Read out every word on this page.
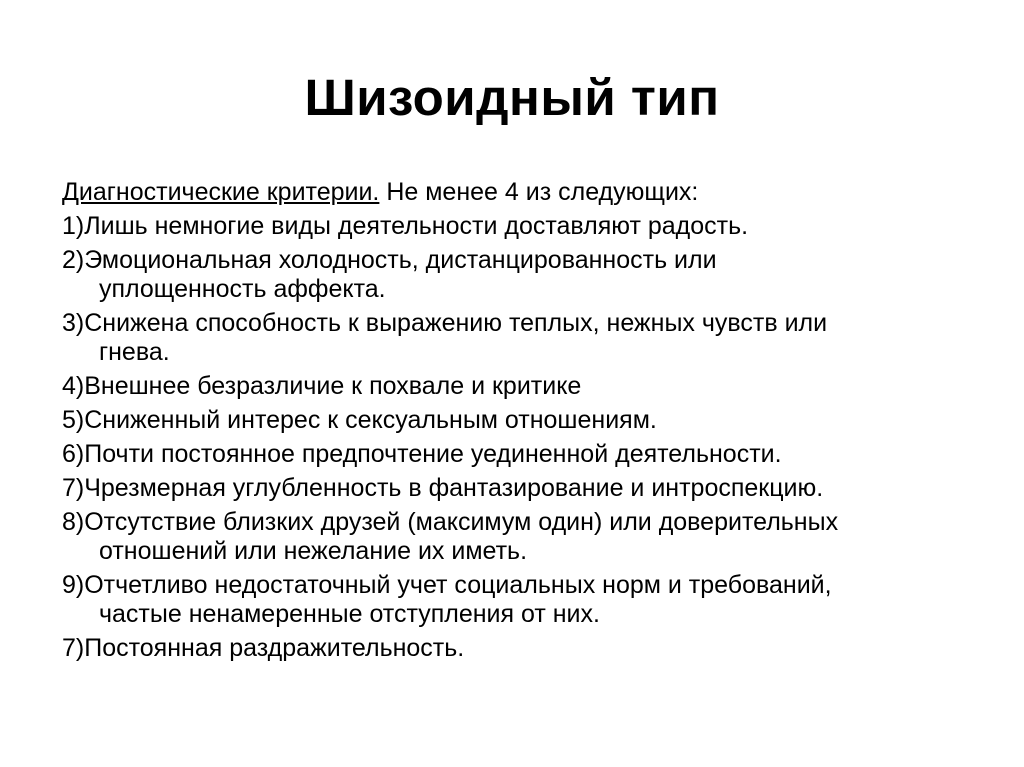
Шизоидный тип

Диагностические критерии. Не менее 4 из следующих:

1)Лишь немногие виды деятельности доставляют радость.
2)Эмоциональная холодность, дистанцированность или
уплощенность аффекта.
3)Снижена способность к выражению теплых, нежных чувств или
гнева.
4)Внешнее безразличие к похвале и критике
5)Сниженный интерес к сексуальным отношениям.
6)Почти постоянное предпочтение уединенной деятельности.
7)Чрезмерная углубленность в фантазирование и интроспекцию.
8)Отсутствие близких друзей (максимум один) или доверительных
отношений или нежелание их иметь.
9)Отчетливо недостаточный учет социальных норм и требований,
частые ненамеренные отступления от них.
7)Постоянная раздражительность.
